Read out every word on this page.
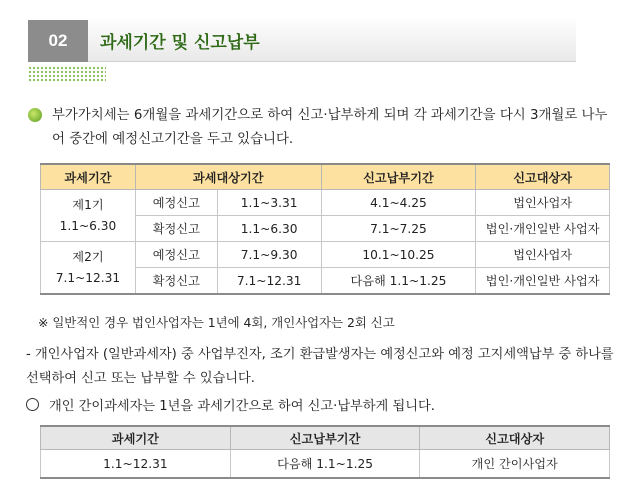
02	과세기간 및 신고납부
부가가치세는 6개월을 과세기간으로 하여 신고·납부하게 되며 각 과세기간을 다시 3개월로 나누어 중간에 예정신고기간을 두고 있습니다.
과세기간	과세대상기간		신고납부기간	신고대상자

제1기
1.1~6.30	예정신고	1.1~3.31	4.1~4.25	법인사업자
	확정신고	1.1~6.30	7.1~7.25	법인·개인일반 사업자

제2기
7.1~12.31	예정신고	7.1~9.30	10.1~10.25	법인사업자
	확정신고	7.1~12.31	다음해 1.1~1.25	법인·개인일반 사업자
※ 일반적인 경우 법인사업자는 1년에 4회, 개인사업자는 2회 신고
- 개인사업자 (일반과세자) 중 사업부진자, 조기 환급발생자는 예정신고와 예정 고지세액납부 중 하나를 선택하여 신고 또는 납부할 수 있습니다.
개인 간이과세자는 1년을 과세기간으로 하여 신고·납부하게 됩니다.
과세기간	신고납부기간	신고대상자
1.1~12.31	다음해 1.1~1.25	개인 간이사업자
